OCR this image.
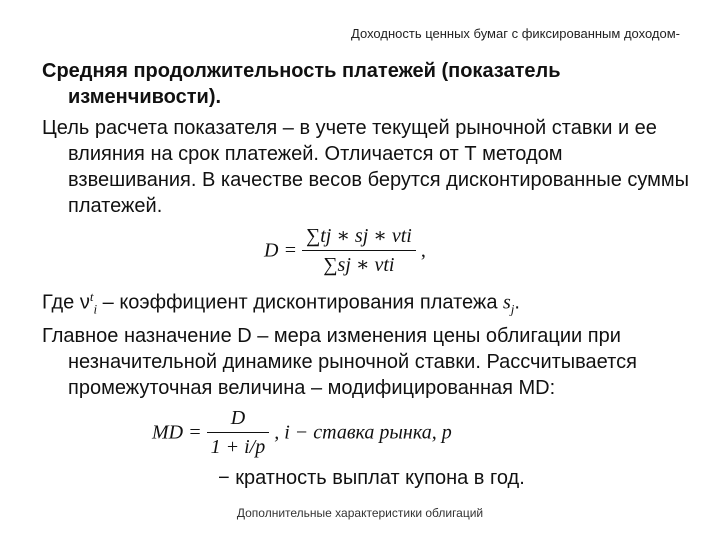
Доходность ценных бумаг с фиксированным доходом-
Средняя продолжительность платежей (показатель изменчивости).
Цель расчета показателя – в учете текущей рыночной ставки и ее влияния на срок платежей. Отличается от Т методом взвешивания. В качестве весов берутся дисконтированные суммы платежей.
$D = \frac{\text{∑tj ∗ sj ∗ νti}}{\text{∑sj ∗ νti}}$ ,
Где $\nu^t_i$ – коэффициент дисконтирования платежа $s_j$.
Главное назначение D – мера изменения цены облигации при незначительной динамике рыночной ставки. Рассчитывается промежуточная величина – модифицированная MD:
MD = $\frac{D}{1 + i/p}$ , i − ставка рынка, p
− кратность выплат купона в год.
Дополнительные характеристики облигаций
